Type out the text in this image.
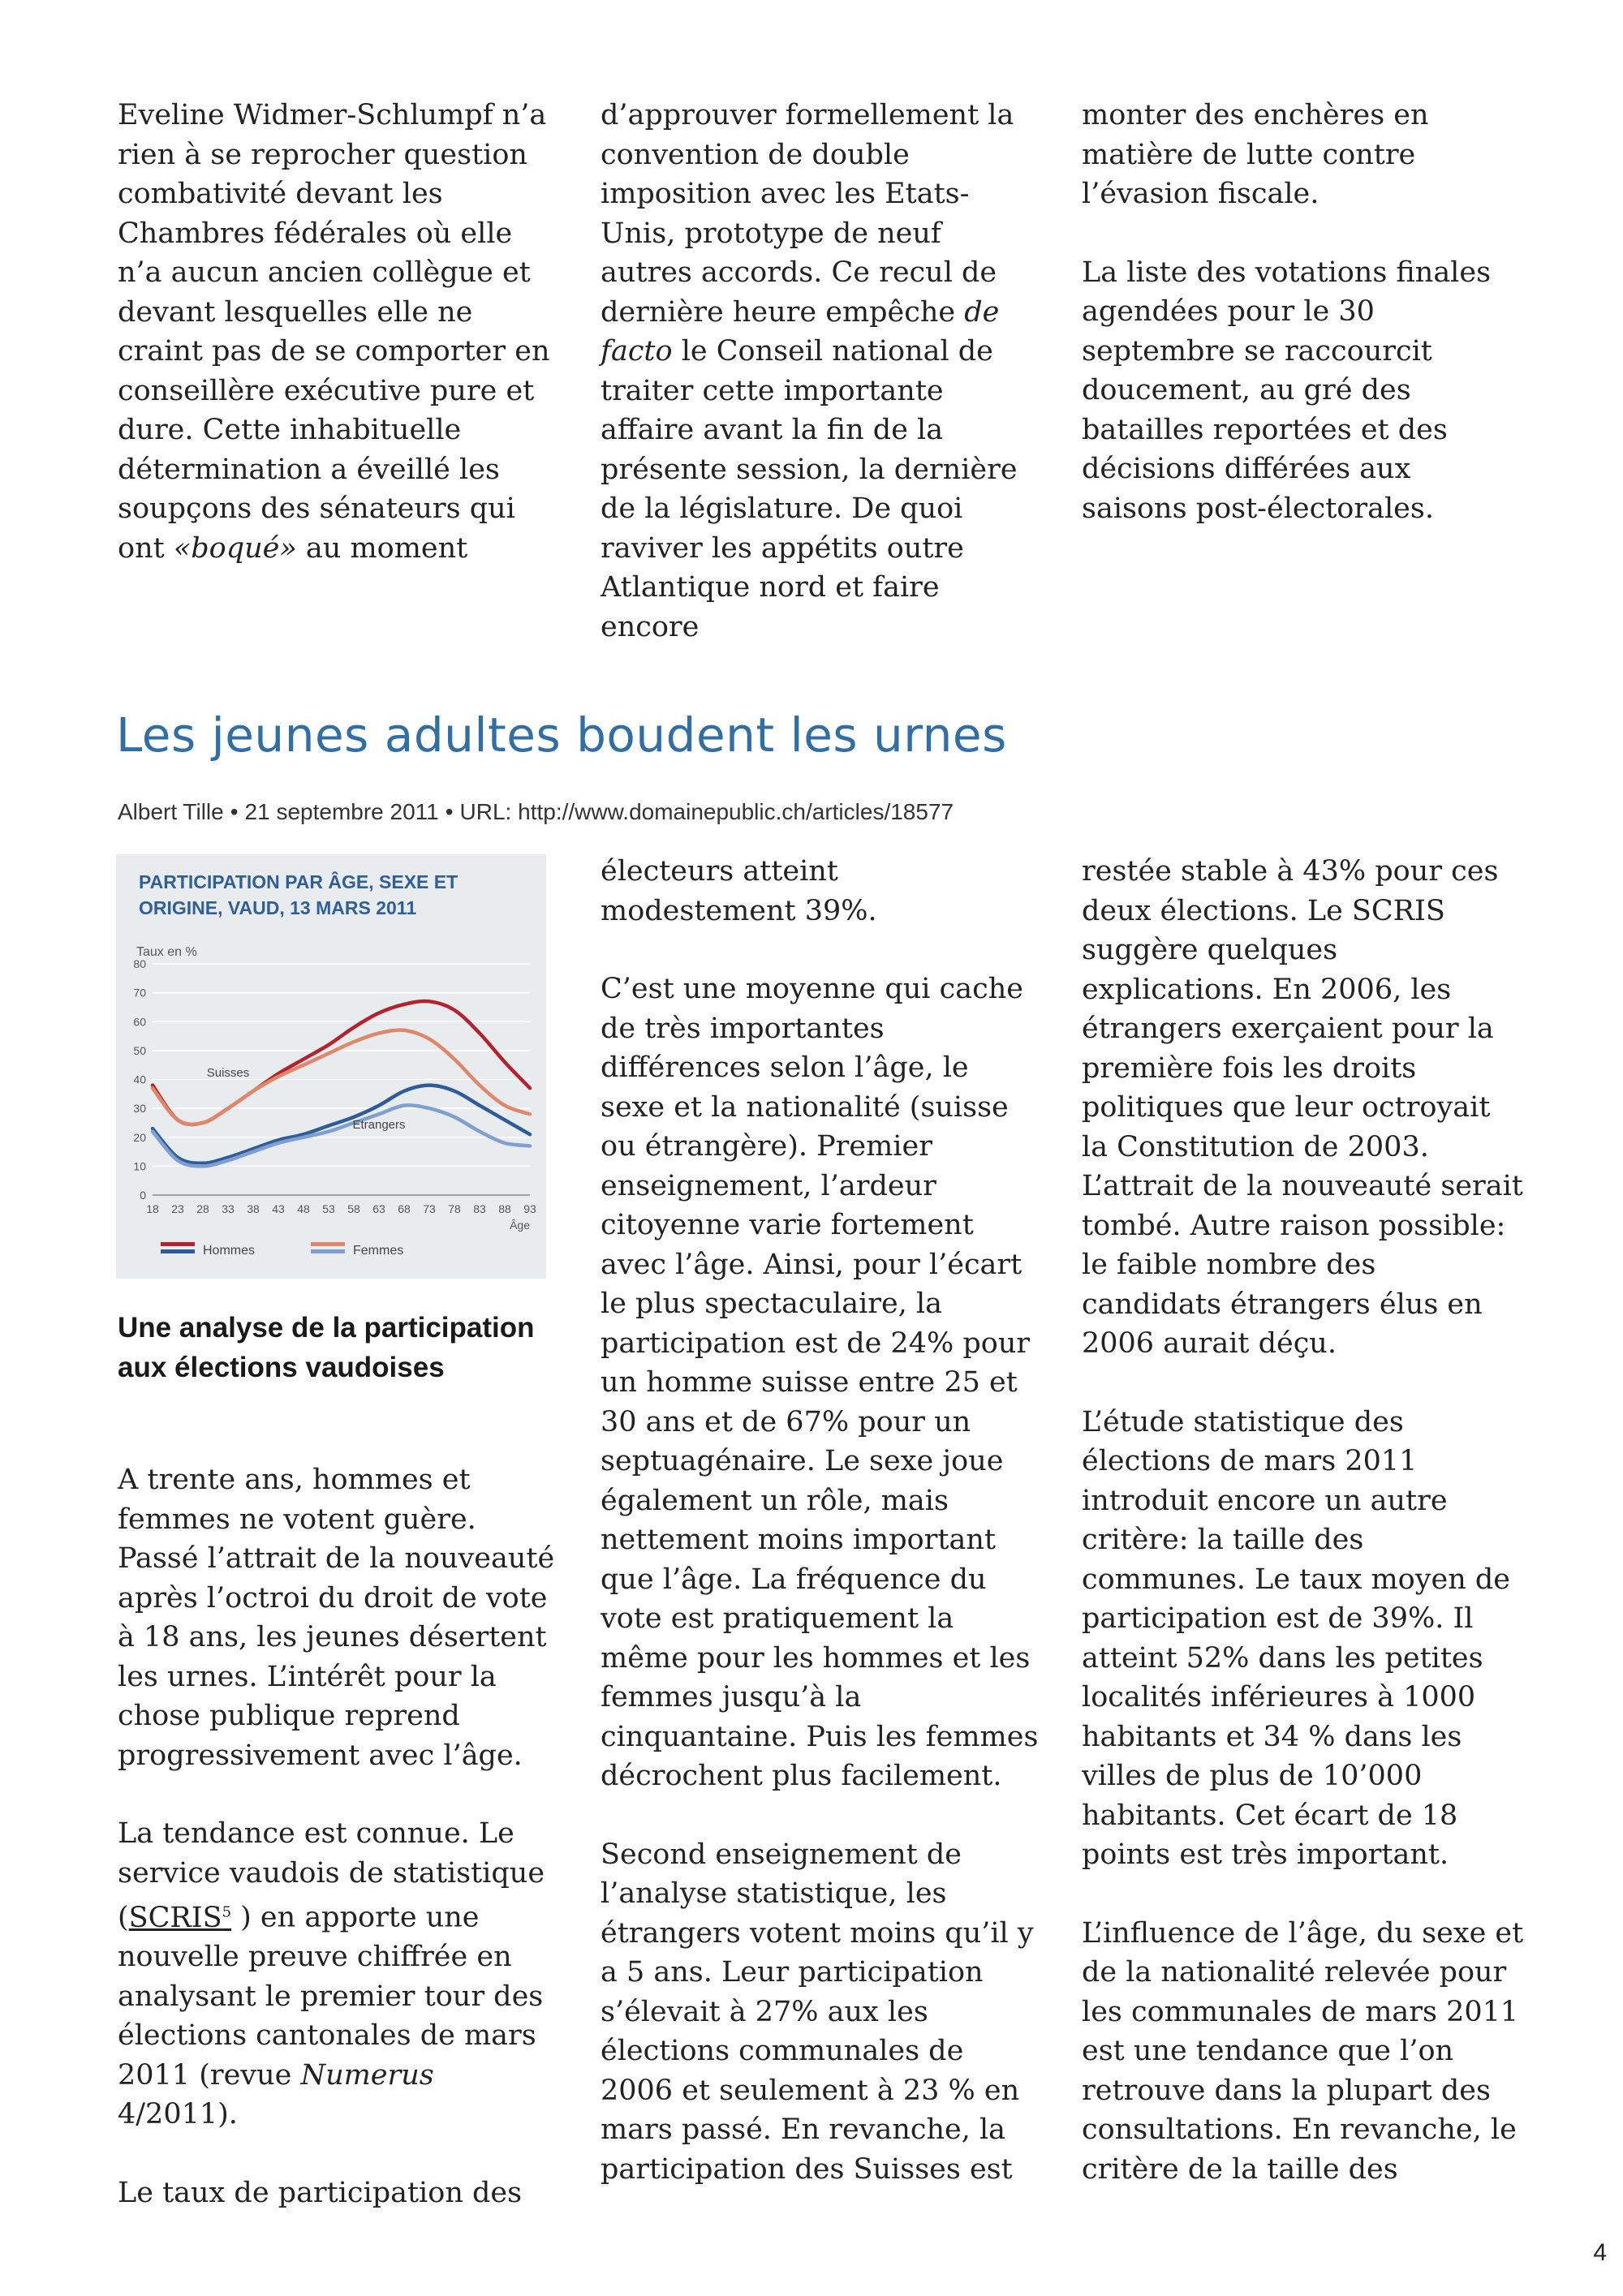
Eveline Widmer-Schlumpf n’a rien à se reprocher question combativité devant les Chambres fédérales où elle n’a aucun ancien collègue et devant lesquelles elle ne craint pas de se comporter en conseillère exécutive pure et dure. Cette inhabituelle détermination a éveillé les soupçons des sénateurs qui ont «boqué» au moment

d’approuver formellement la convention de double imposition avec les Etats-Unis, prototype de neuf autres accords. Ce recul de dernière heure empêche de facto le Conseil national de traiter cette importante affaire avant la fin de la présente session, la dernière de la législature. De quoi raviver les appétits outre Atlantique nord et faire encore

monter des enchères en matière de lutte contre l’évasion fiscale.

La liste des votations finales agendées pour le 30 septembre se raccourcit doucement, au gré des batailles reportées et des décisions différées aux saisons post-électorales.

Les jeunes adultes boudent les urnes
Albert Tille • 21 septembre 2011 • URL: http://www.domainepublic.ch/articles/18577
PARTICIPATION PAR ÂGE, SEXE ET
ORIGINE, VAUD, 13 MARS 2011
Taux en %
0
10
20
30
40
50
60
70
80
18 23 28 33 38 43 48 53 58 63 68 73 78 83 88 93
Âge
Suisses
Etrangers
Hommes	Femmes
Une analyse de la participation aux élections vaudoises

A trente ans, hommes et femmes ne votent guère. Passé l’attrait de la nouveauté après l’octroi du droit de vote à 18 ans, les jeunes désertent les urnes. L’intérêt pour la chose publique reprend progressivement avec l’âge.

La tendance est connue. Le service vaudois de statistique (SCRIS$^5$ ) en apporte une nouvelle preuve chiffrée en analysant le premier tour des élections cantonales de mars 2011 (revue Numerus 4/2011).

Le taux de participation des

électeurs atteint modestement 39%.

C’est une moyenne qui cache de très importantes différences selon l’âge, le sexe et la nationalité (suisse ou étrangère). Premier enseignement, l’ardeur citoyenne varie fortement avec l’âge. Ainsi, pour l’écart le plus spectaculaire, la participation est de 24% pour un homme suisse entre 25 et 30 ans et de 67% pour un septuagénaire. Le sexe joue également un rôle, mais nettement moins important que l’âge. La fréquence du vote est pratiquement la même pour les hommes et les femmes jusqu’à la cinquantaine. Puis les femmes décrochent plus facilement.

Second enseignement de l’analyse statistique, les étrangers votent moins qu’il y a 5 ans. Leur participation s’élevait à 27% aux les élections communales de 2006 et seulement à 23 % en mars passé. En revanche, la participation des Suisses est

restée stable à 43% pour ces deux élections. Le SCRIS suggère quelques explications. En 2006, les étrangers exerçaient pour la première fois les droits politiques que leur octroyait la Constitution de 2003. L’attrait de la nouveauté serait tombé. Autre raison possible: le faible nombre des candidats étrangers élus en 2006 aurait déçu.

L’étude statistique des élections de mars 2011 introduit encore un autre critère: la taille des communes. Le taux moyen de participation est de 39%. Il atteint 52% dans les petites localités inférieures à 1000 habitants et 34 % dans les villes de plus de 10’000 habitants. Cet écart de 18 points est très important.

L’influence de l’âge, du sexe et de la nationalité relevée pour les communales de mars 2011 est une tendance que l’on retrouve dans la plupart des consultations. En revanche, le critère de la taille des

4
